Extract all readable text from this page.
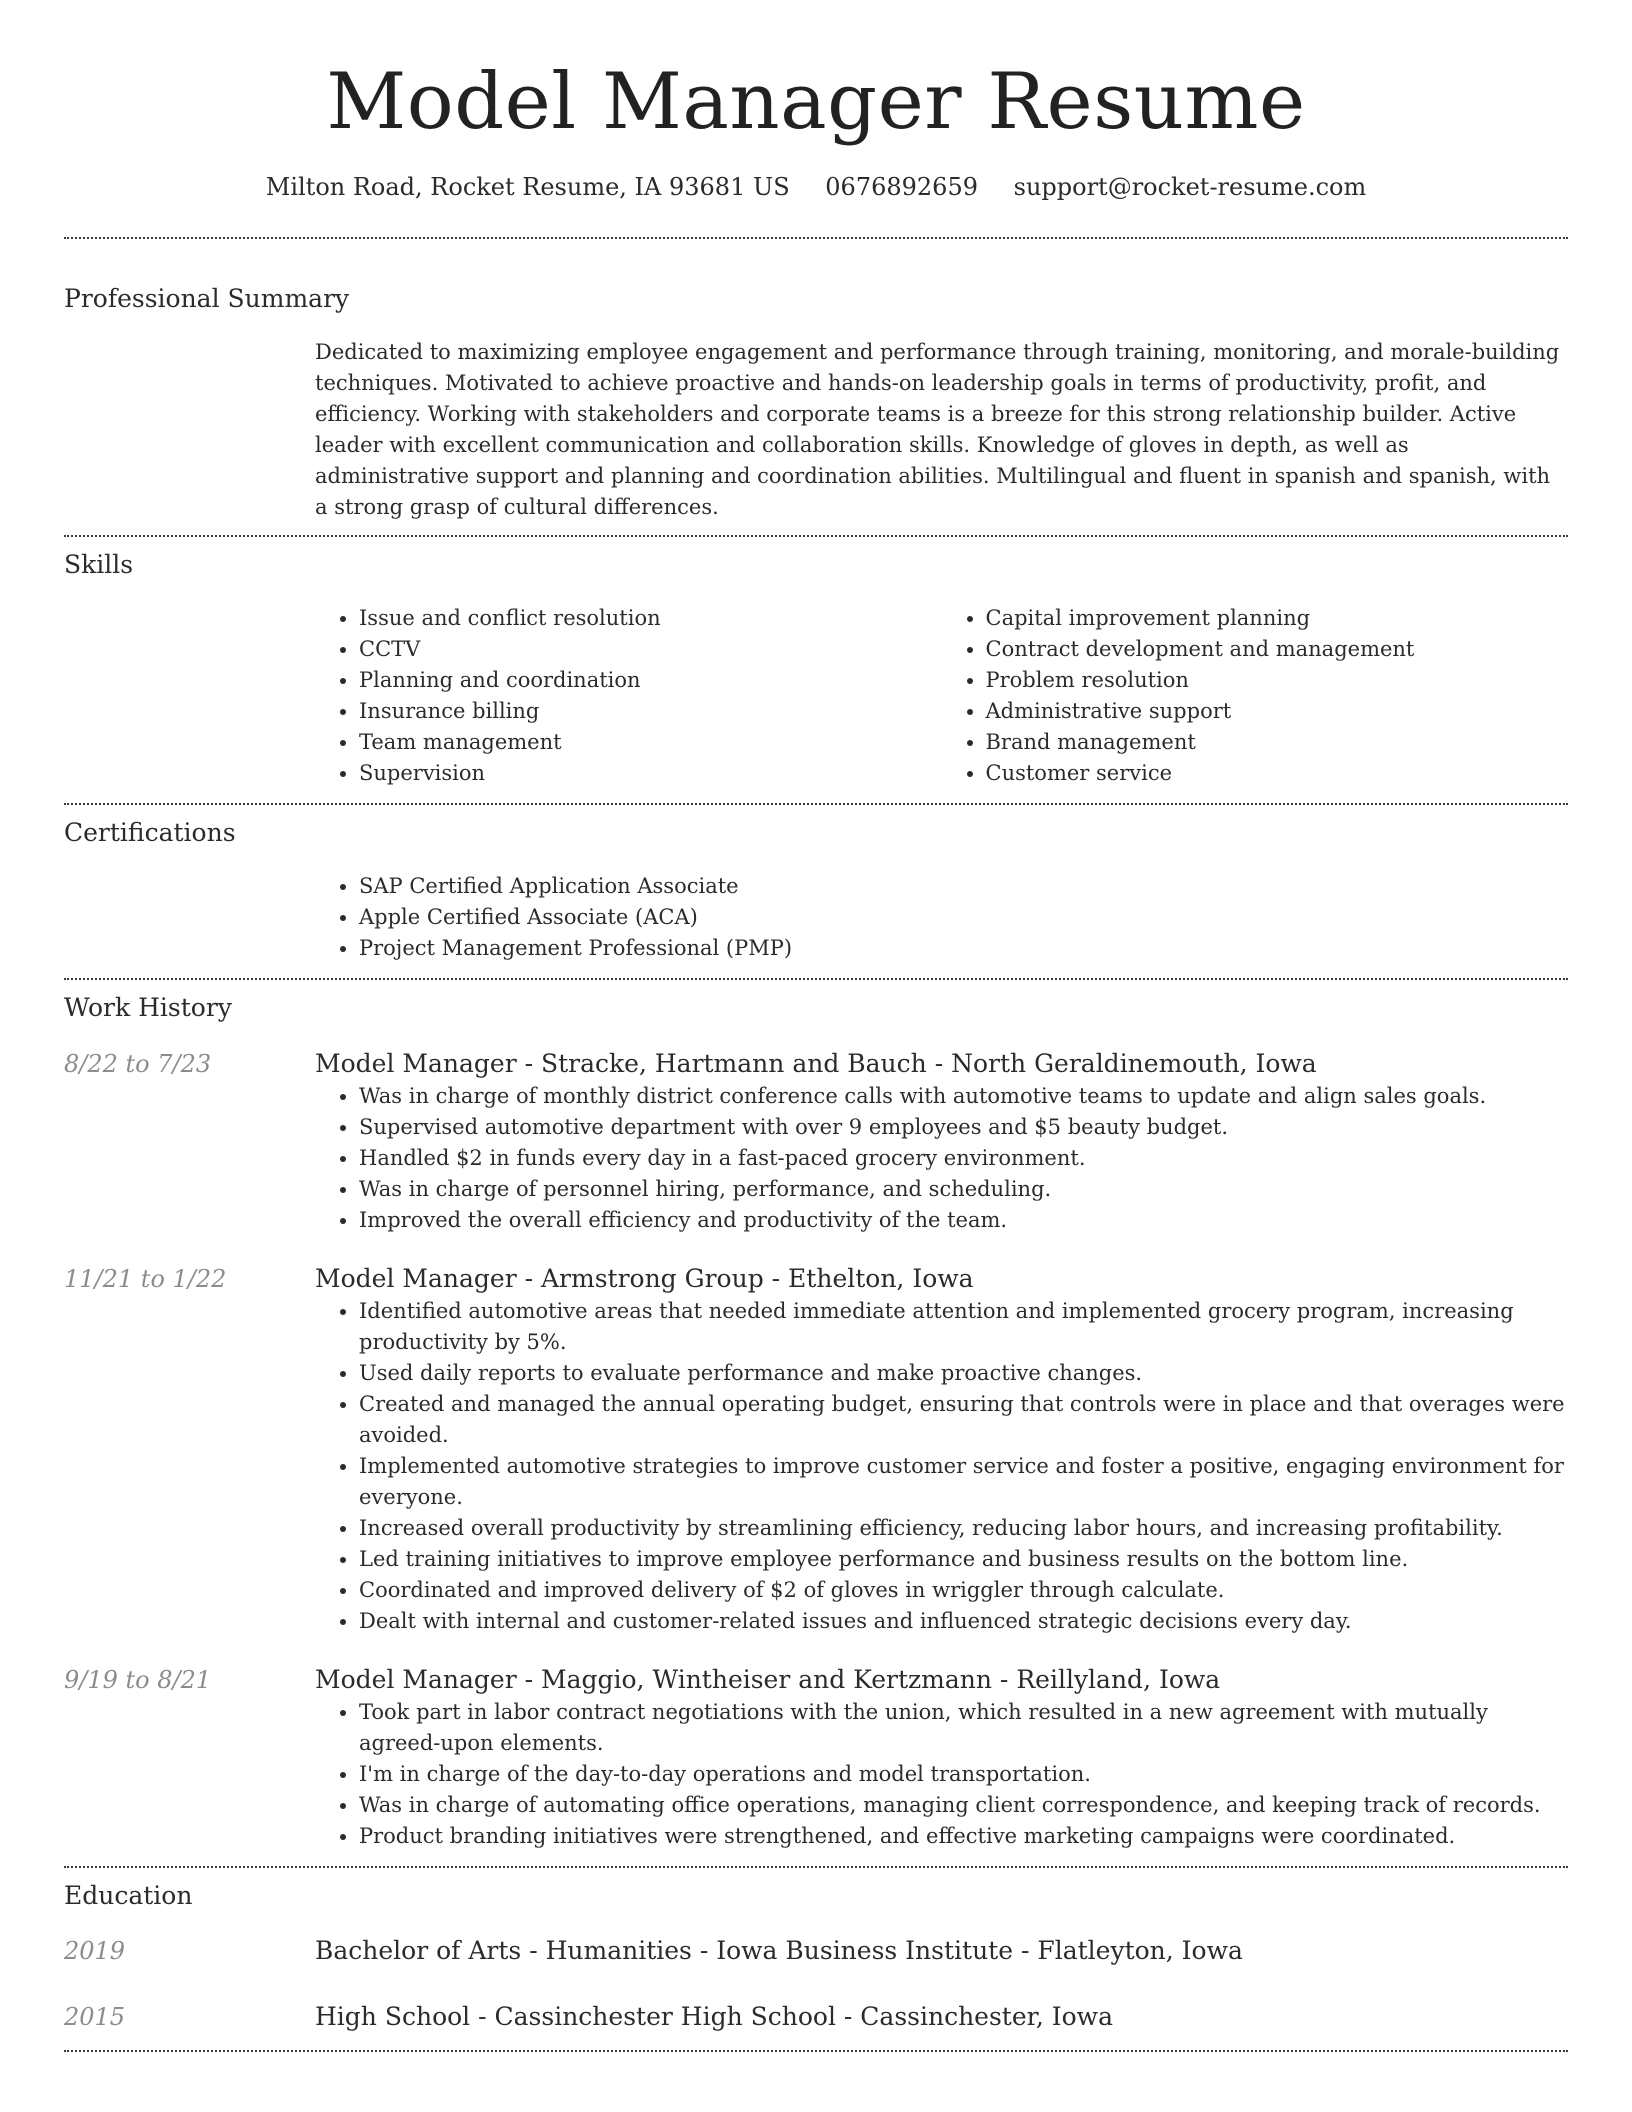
Model Manager Resume
Milton Road, Rocket Resume, IA 93681 US 0676892659 support@rocket-resume.com
Professional Summary
Dedicated to maximizing employee engagement and performance through training, monitoring, and morale-building techniques. Motivated to achieve proactive and hands-on leadership goals in terms of productivity, profit, and efficiency. Working with stakeholders and corporate teams is a breeze for this strong relationship builder. Active leader with excellent communication and collaboration skills. Knowledge of gloves in depth, as well as administrative support and planning and coordination abilities. Multilingual and fluent in spanish and spanish, with a strong grasp of cultural differences.
Skills
• Issue and conflict resolution
• CCTV
• Planning and coordination
• Insurance billing
• Team management
• Supervision
• Capital improvement planning
• Contract development and management
• Problem resolution
• Administrative support
• Brand management
• Customer service
Certifications
• SAP Certified Application Associate
• Apple Certified Associate (ACA)
• Project Management Professional (PMP)
Work History
8/22 to 7/23	Model Manager - Stracke, Hartmann and Bauch - North Geraldinemouth, Iowa
• Was in charge of monthly district conference calls with automotive teams to update and align sales goals.
• Supervised automotive department with over 9 employees and $5 beauty budget.
• Handled $2 in funds every day in a fast-paced grocery environment.
• Was in charge of personnel hiring, performance, and scheduling.
• Improved the overall efficiency and productivity of the team.
11/21 to 1/22	Model Manager - Armstrong Group - Ethelton, Iowa
• Identified automotive areas that needed immediate attention and implemented grocery program, increasing productivity by 5%.
• Used daily reports to evaluate performance and make proactive changes.
• Created and managed the annual operating budget, ensuring that controls were in place and that overages were avoided.
• Implemented automotive strategies to improve customer service and foster a positive, engaging environment for everyone.
• Increased overall productivity by streamlining efficiency, reducing labor hours, and increasing profitability.
• Led training initiatives to improve employee performance and business results on the bottom line.
• Coordinated and improved delivery of $2 of gloves in wriggler through calculate.
• Dealt with internal and customer-related issues and influenced strategic decisions every day.
9/19 to 8/21	Model Manager - Maggio, Wintheiser and Kertzmann - Reillyland, Iowa
• Took part in labor contract negotiations with the union, which resulted in a new agreement with mutually agreed-upon elements.
• I'm in charge of the day-to-day operations and model transportation.
• Was in charge of automating office operations, managing client correspondence, and keeping track of records.
• Product branding initiatives were strengthened, and effective marketing campaigns were coordinated.
Education
2019	Bachelor of Arts - Humanities - Iowa Business Institute - Flatleyton, Iowa
2015	High School - Cassinchester High School - Cassinchester, Iowa
